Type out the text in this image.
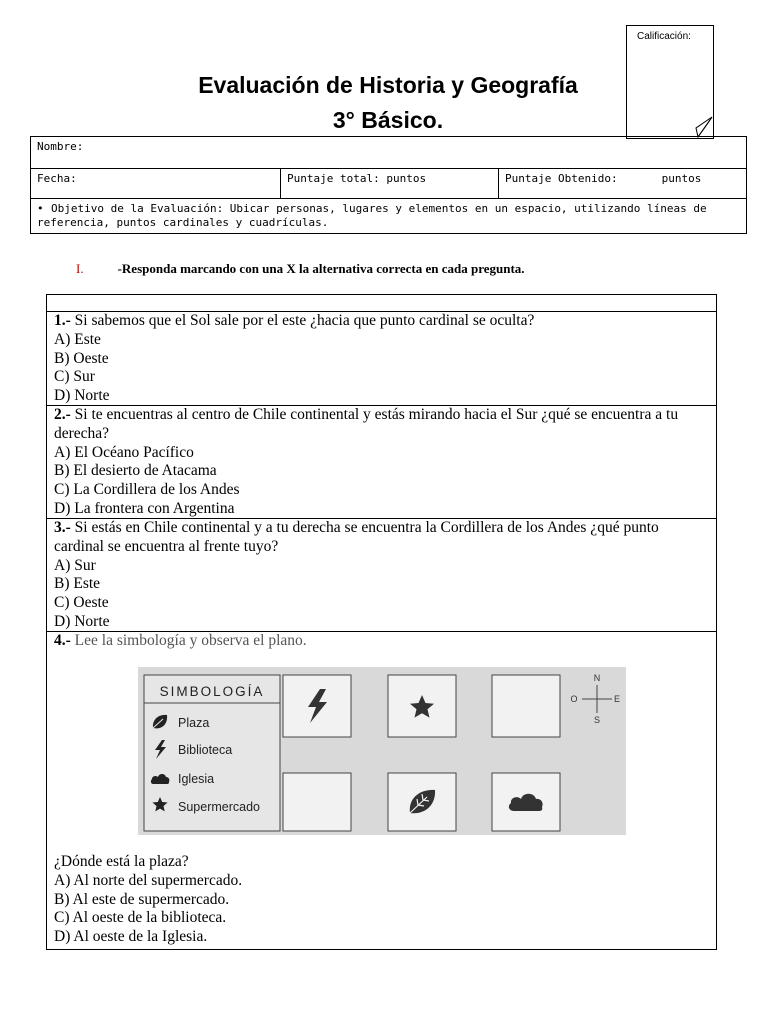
Calificación:
Evaluación de Historia y Geografía
3° Básico.
Nombre:
Fecha:	Puntaje total: puntos	Puntaje Obtenido:	puntos
• Objetivo de la Evaluación: Ubicar personas, lugares y elementos en un espacio, utilizando líneas de referencia, puntos cardinales y cuadrículas.
I.	-Responda marcando con una X la alternativa correcta en cada pregunta.
1.- Si sabemos que el Sol sale por el este ¿hacia que punto cardinal se oculta?
A) Este
B) Oeste
C) Sur
D) Norte
2.- Si te encuentras al centro de Chile continental y estás mirando hacia el Sur ¿qué se encuentra a tu derecha?
A) El Océano Pacífico
B) El desierto de Atacama
C) La Cordillera de los Andes
D) La frontera con Argentina
3.- Si estás en Chile continental y a tu derecha se encuentra la Cordillera de los Andes ¿qué punto cardinal se encuentra al frente tuyo?
A) Sur
B) Este
C) Oeste
D) Norte
4.- Lee la simbología y observa el plano.
SIMBOLOGÍA
Plaza
Biblioteca
Iglesia
Supermercado
N
S
E
O
¿Dónde está la plaza?
A) Al norte del supermercado.
B) Al este de supermercado.
C) Al oeste de la biblioteca.
D) Al oeste de la Iglesia.
